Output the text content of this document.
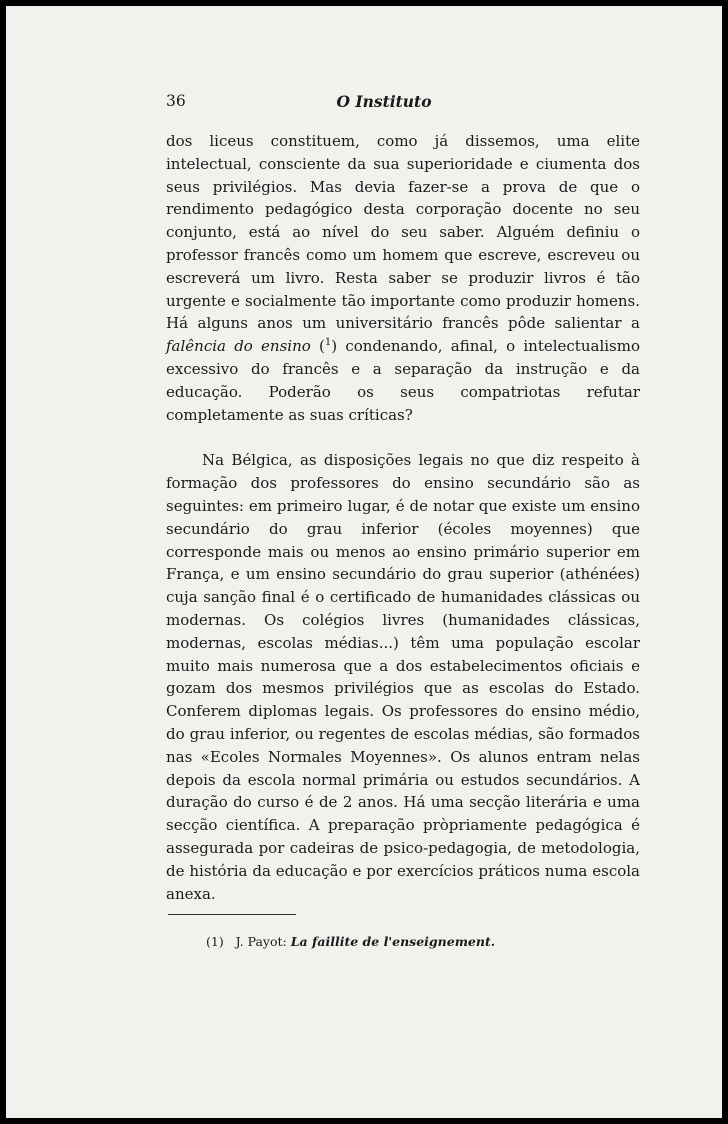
36	O Instituto

dos liceus constituem, como já dissemos, uma elite intelectual, consciente da sua superioridade e ciumenta dos seus privilégios. Mas devia fazer-se a prova de que o rendimento pedagógico desta corporação docente no seu conjunto, está ao nível do seu saber. Alguém definiu o professor francês como um homem que escreve, escreveu ou escreverá um livro. Resta saber se produzir livros é tão urgente e socialmente tão importante como produzir homens. Há alguns anos um universitário francês pôde salientar a falência do ensino ($^1$) condenando, afinal, o intelectualismo excessivo do francês e a separação da instrução e da educação. Poderão os seus compatriotas refutar completamente as suas críticas?

Na Bélgica, as disposições legais no que diz respeito à formação dos professores do ensino secundário são as seguintes: em primeiro lugar, é de notar que existe um ensino secundário do grau inferior (écoles moyennes) que corresponde mais ou menos ao ensino primário superior em França, e um ensino secundário do grau superior (athénées) cuja sanção final é o certificado de humanidades clássicas ou modernas. Os colégios livres (humanidades clássicas, modernas, escolas médias...) têm uma população escolar muito mais numerosa que a dos estabelecimentos oficiais e gozam dos mesmos privilégios que as escolas do Estado. Conferem diplomas legais. Os professores do ensino médio, do grau inferior, ou regentes de escolas médias, são formados nas «Ecoles Normales Moyennes». Os alunos entram nelas depois da escola normal primária ou estudos secundários. A duração do curso é de 2 anos. Há uma secção literária e uma secção científica. A preparação pròpriamente pedagógica é assegurada por cadeiras de psico-pedagogia, de metodologia, de história da educação e por exercícios práticos numa escola anexa.

(1) J. Payot: La faillite de l'enseignement.
